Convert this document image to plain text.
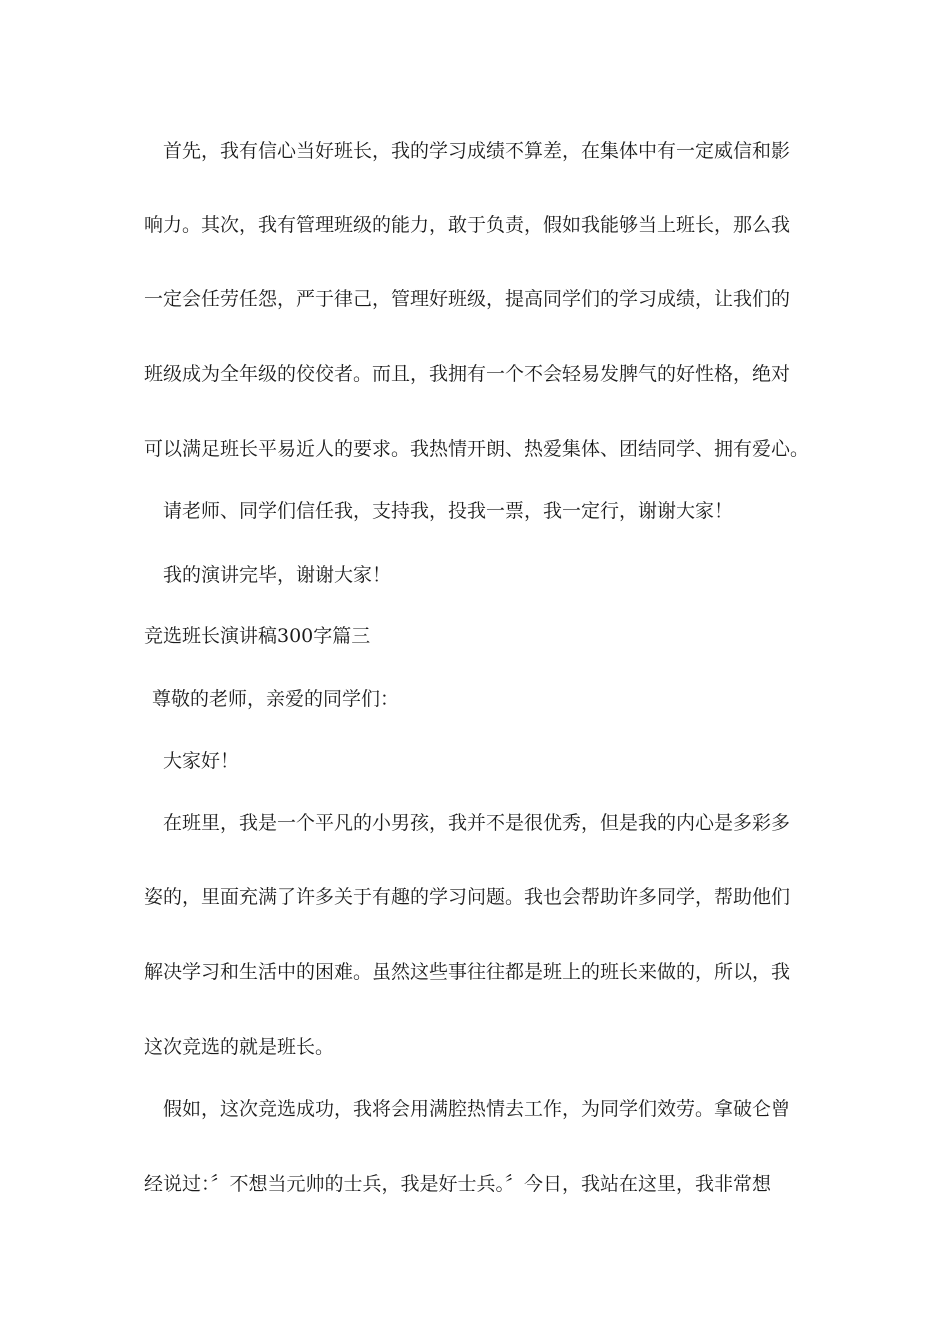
首先，我有信心当好班长，我的学习成绩不算差，在集体中有一定威信和影
响力。其次，我有管理班级的能力，敢于负责，假如我能够当上班长，那么我
一定会任劳任怨，严于律己，管理好班级，提高同学们的学习成绩，让我们的
班级成为全年级的佼佼者。而且，我拥有一个不会轻易发脾气的好性格，绝对
可以满足班长平易近人的要求。我热情开朗、热爱集体、团结同学、拥有爱心。
请老师、同学们信任我，支持我，投我一票，我一定行，谢谢大家！
我的演讲完毕，谢谢大家！
竞选班长演讲稿300字篇三
尊敬的老师，亲爱的同学们：
大家好！
在班里，我是一个平凡的小男孩，我并不是很优秀，但是我的内心是多彩多
姿的，里面充满了许多关于有趣的学习问题。我也会帮助许多同学，帮助他们
解决学习和生活中的困难。虽然这些事往往都是班上的班长来做的，所以，我
这次竞选的就是班长。
假如，这次竞选成功，我将会用满腔热情去工作，为同学们效劳。拿破仑曾
经说过：〞不想当元帅的士兵，我是好士兵。〞今日，我站在这里，我非常想
